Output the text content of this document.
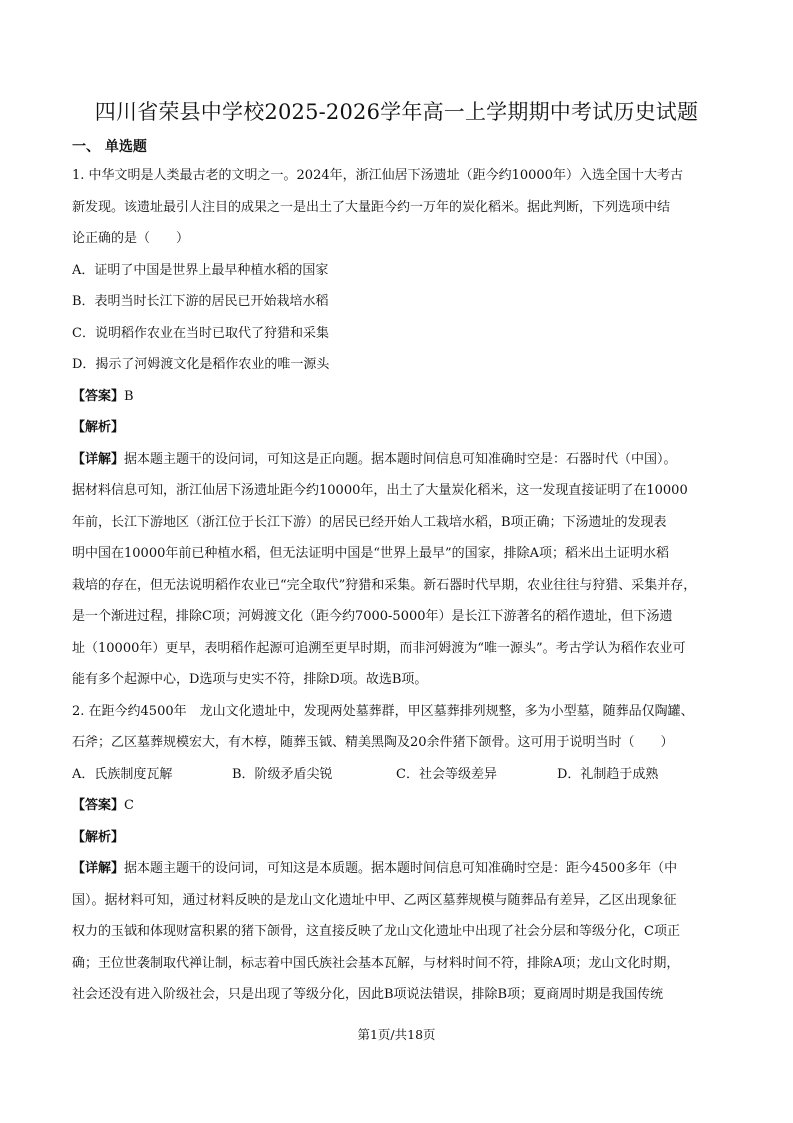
四川省荣县中学校2025-2026学年高一上学期期中考试历史试题
一、 单选题
1. 中华文明是人类最古老的文明之一。2024年，浙江仙居下汤遗址（距今约10000年）入选全国十大考古
新发现。该遗址最引人注目的成果之一是出土了大量距今约一万年的炭化稻米。据此判断，下列选项中结
论正确的是（　　）
A．证明了中国是世界上最早种植水稻的国家
B．表明当时长江下游的居民已开始栽培水稻
C．说明稻作农业在当时已取代了狩猎和采集
D．揭示了河姆渡文化是稻作农业的唯一源头
【答案】B
【解析】
【详解】据本题主题干的设问词，可知这是正向题。据本题时间信息可知准确时空是：石器时代（中国）。
据材料信息可知，浙江仙居下汤遗址距今约10000年，出土了大量炭化稻米，这一发现直接证明了在10000
年前，长江下游地区（浙江位于长江下游）的居民已经开始人工栽培水稻，B项正确；下汤遗址的发现表
明中国在10000年前已种植水稻，但无法证明中国是“世界上最早”的国家，排除A项；稻米出土证明水稻
栽培的存在，但无法说明稻作农业已“完全取代”狩猎和采集。新石器时代早期，农业往往与狩猎、采集并存，
是一个渐进过程，排除C项；河姆渡文化（距今约7000-5000年）是长江下游著名的稻作遗址，但下汤遗
址（10000年）更早，表明稻作起源可追溯至更早时期，而非河姆渡为“唯一源头”。考古学认为稻作农业可
能有多个起源中心，D选项与史实不符，排除D项。故选B项。
2. 在距今约4500年　龙山文化遗址中，发现两处墓葬群，甲区墓葬排列规整，多为小型墓，随葬品仅陶罐、
石斧；乙区墓葬规模宏大，有木椁，随葬玉钺、精美黑陶及20余件猪下颌骨。这可用于说明当时（　　）
A．氏族制度瓦解	B．阶级矛盾尖锐	C．社会等级差异	D．礼制趋于成熟
【答案】C
【解析】
【详解】据本题主题干的设问词，可知这是本质题。据本题时间信息可知准确时空是：距今4500多年（中
国）。据材料可知，通过材料反映的是龙山文化遗址中甲、乙两区墓葬规模与随葬品有差异，乙区出现象征
权力的玉钺和体现财富积累的猪下颌骨，这直接反映了龙山文化遗址中出现了社会分层和等级分化，C项正
确；王位世袭制取代禅让制，标志着中国氏族社会基本瓦解，与材料时间不符，排除A项；龙山文化时期，
社会还没有进入阶级社会，只是出现了等级分化，因此B项说法错误，排除B项；夏商周时期是我国传统
第1页/共18页
